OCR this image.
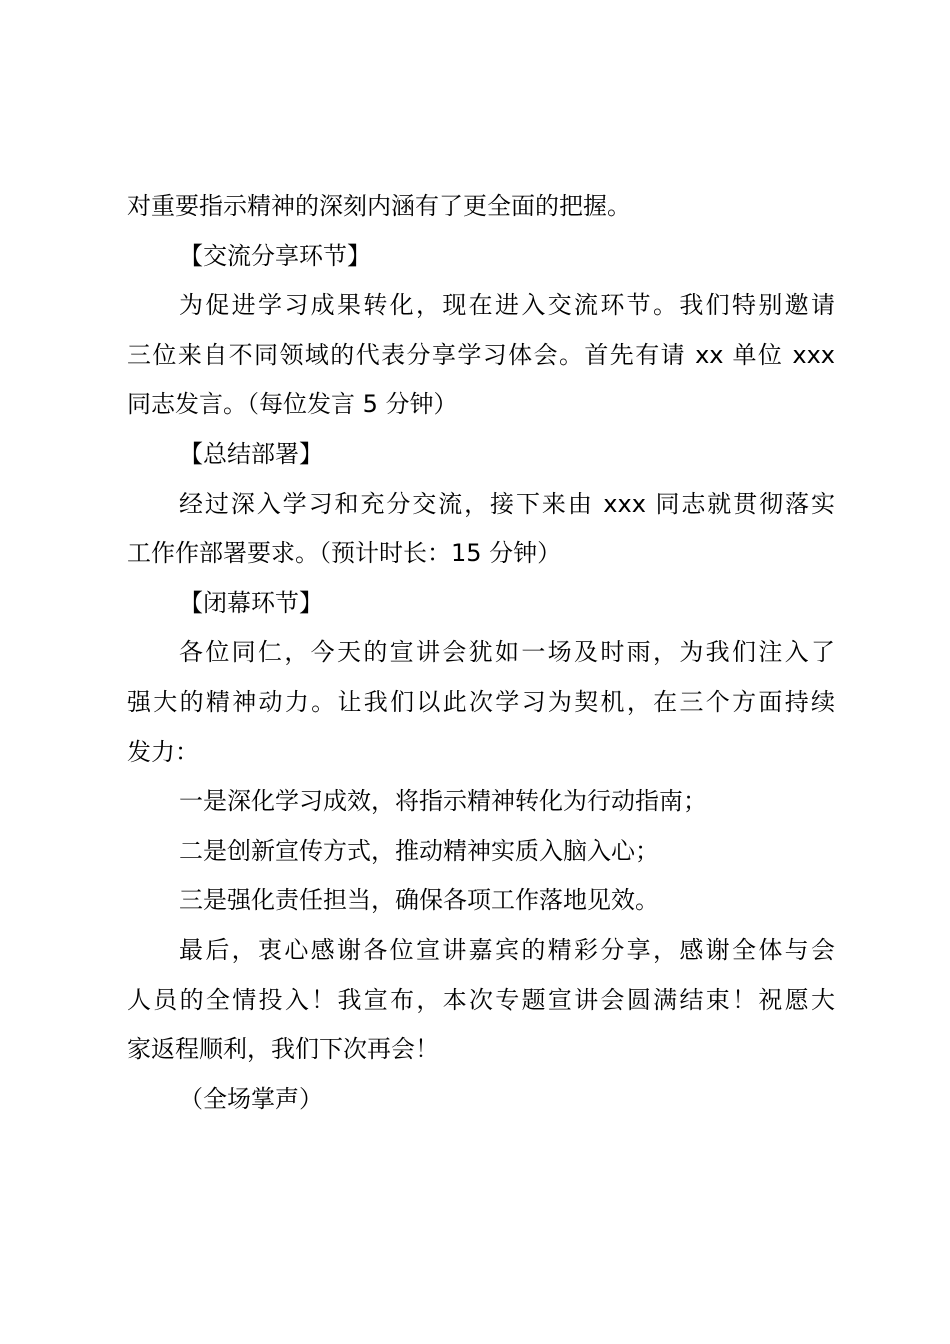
对重要指示精神的深刻内涵有了更全面的把握。

【交流分享环节】

为促进学习成果转化，现在进入交流环节。我们特别邀请

三位来自不同领域的代表分享学习体会。首先有请 xx 单位 xxx

同志发言。（每位发言 5 分钟）

【总结部署】

经过深入学习和充分交流，接下来由 xxx 同志就贯彻落实

工作作部署要求。（预计时长：15 分钟）

【闭幕环节】

各位同仁，今天的宣讲会犹如一场及时雨，为我们注入了

强大的精神动力。让我们以此次学习为契机，在三个方面持续

发力：

一是深化学习成效，将指示精神转化为行动指南；

二是创新宣传方式，推动精神实质入脑入心；

三是强化责任担当，确保各项工作落地见效。

最后，衷心感谢各位宣讲嘉宾的精彩分享，感谢全体与会

人员的全情投入！我宣布，本次专题宣讲会圆满结束！祝愿大

家返程顺利，我们下次再会！

（全场掌声）
